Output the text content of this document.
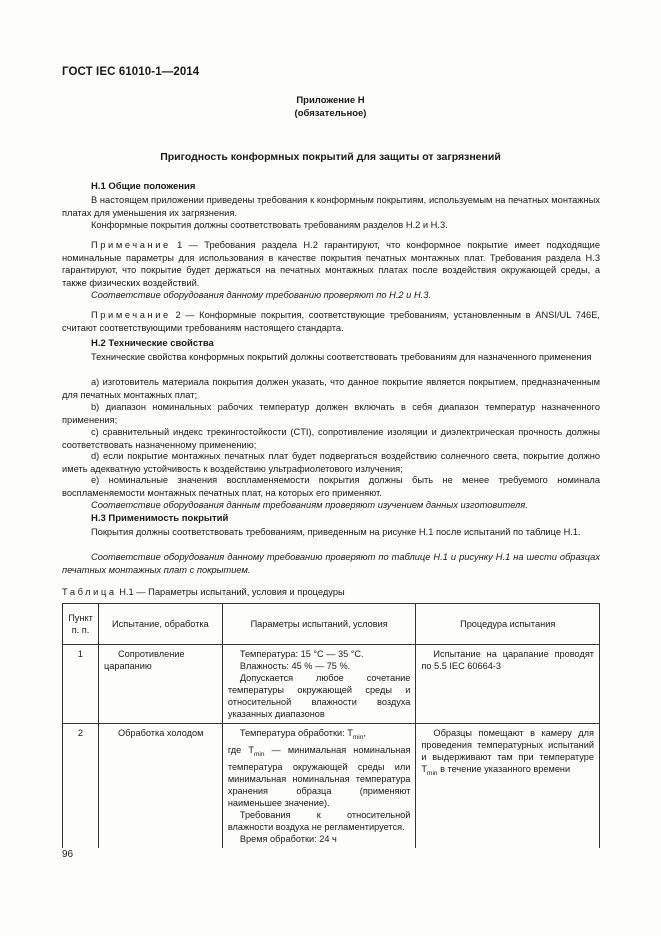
ГОСТ IEC 61010-1—2014
Приложение Н
(обязательное)
Пригодность конформных покрытий для защиты от загрязнений
Н.1 Общие положения
В настоящем приложении приведены требования к конформным покрытиям, используемым на печатных монтажных платах для уменьшения их загрязнения.
Конформные покрытия должны соответствовать требованиям разделов Н.2 и Н.3.
Примечание 1 — Требования раздела Н.2 гарантируют, что конформное покрытие имеет подходящие номинальные параметры для использования в качестве покрытия печатных монтажных плат. Требования раздела Н.3 гарантируют, что покрытие будет держаться на печатных монтажных платах после воздействия окружающей среды, а также физических воздействий.
Соответствие оборудования данному требованию проверяют по Н.2 и Н.3.
Примечание 2 — Конформные покрытия, соответствующие требованиям, установленным в ANSI/UL 746E, считают соответствующими требованиям настоящего стандарта.
Н.2 Технические свойства
Технические свойства конформных покрытий должны соответствовать требованиям для назначенного применения
а) изготовитель материала покрытия должен указать, что данное покрытие является покрытием, предназначенным для печатных монтажных плат;
b) диапазон номинальных рабочих температур должен включать в себя диапазон температур назначенного применения;
c) сравнительный индекс трекингостойкости (CTI), сопротивление изоляции и диэлектрическая прочность должны соответствовать назначенному применению;
d) если покрытие монтажных печатных плат будет подвергаться воздействию солнечного света, покрытие должно иметь адекватную устойчивость к воздействию ультрафиолетового излучения;
e) номинальные значения воспламеняемости покрытия должны быть не менее требуемого номинала воспламеняемости монтажных печатных плат, на которых его применяют.
Соответствие оборудования данным требованиям проверяют изучением данных изготовителя.
Н.3 Применимость покрытий
Покрытия должны соответствовать требованиям, приведенным на рисунке Н.1 после испытаний по таблице Н.1.
Соответствие оборудования данному требованию проверяют по таблице Н.1 и рисунку Н.1 на шести образцах печатных монтажных плат с покрытием.
Таблица Н.1 — Параметры испытаний, условия и процедуры
Пункт п. п.	Испытание, обработка	Параметры испытаний, условия	Процедура испытания
1	Сопротивление царапанию	Температура: 15 °С — 35 °С.
Влажность: 45 % — 75 %.
Допускается любое сочетание температуры окружающей среды и относительной влажности воздуха указанных диапазонов	Испытание на царапание проводят по 5.5 IEC 60664-3
2	Обработка холодом	Температура обработки: $T_{min}$,
где $T_{min}$ — минимальная номинальная температура окружающей среды или минимальная номинальная температура хранения образца (применяют наименьшее значение).
Требования к относительной влажности воздуха не регламентируется.
Время обработки: 24 ч	Образцы помещают в камеру для проведения температурных испытаний и выдерживают там при температуре $T_{min}$ в течение указанного времени
96
